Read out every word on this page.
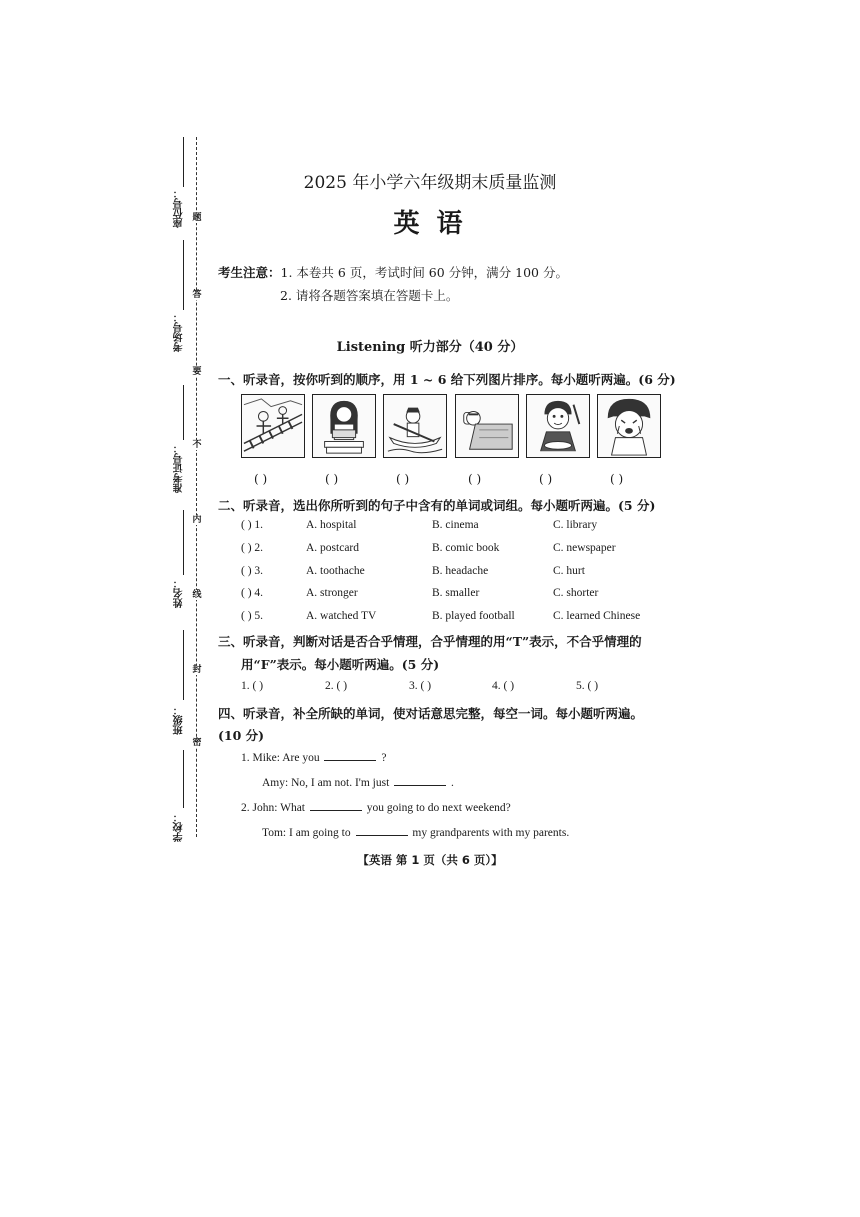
座位号：
考场号：
准考证号：
姓名：
班级：
学校：
题
答
要
不
内
线
封
密
2025 年小学六年级期末质量监测
英 语
考生注意：1. 本卷共 6 页，考试时间 60 分钟，满分 100 分。
2. 请将各题答案填在答题卡上。
Listening 听力部分（40 分）
一、听录音，按你听到的顺序，用 1 ~ 6 给下列图片排序。每小题听两遍。(6 分)
( )	( )	( )	( )	( )	( )
二、听录音，选出你所听到的句子中含有的单词或词组。每小题听两遍。(5 分)
( ) 1.	A. hospital	B. cinema	C. library
( ) 2.	A. postcard	B. comic book	C. newspaper
( ) 3.	A. toothache	B. headache	C. hurt
( ) 4.	A. stronger	B. smaller	C. shorter
( ) 5.	A. watched TV	B. played football	C. learned Chinese
三、听录音，判断对话是否合乎情理，合乎情理的用“T”表示，不合乎情理的
用“F”表示。每小题听两遍。(5 分)
1. ( )	2. ( )	3. ( )	4. ( )	5. ( )
四、听录音，补全所缺的单词，使对话意思完整，每空一词。每小题听两遍。
(10 分)
1. Mike: Are you	?
Amy: No, I am not. I'm just	.
2. John: What	you going to do next weekend?
Tom: I am going to	my grandparents with my parents.
【英语 第 1 页（共 6 页）】
